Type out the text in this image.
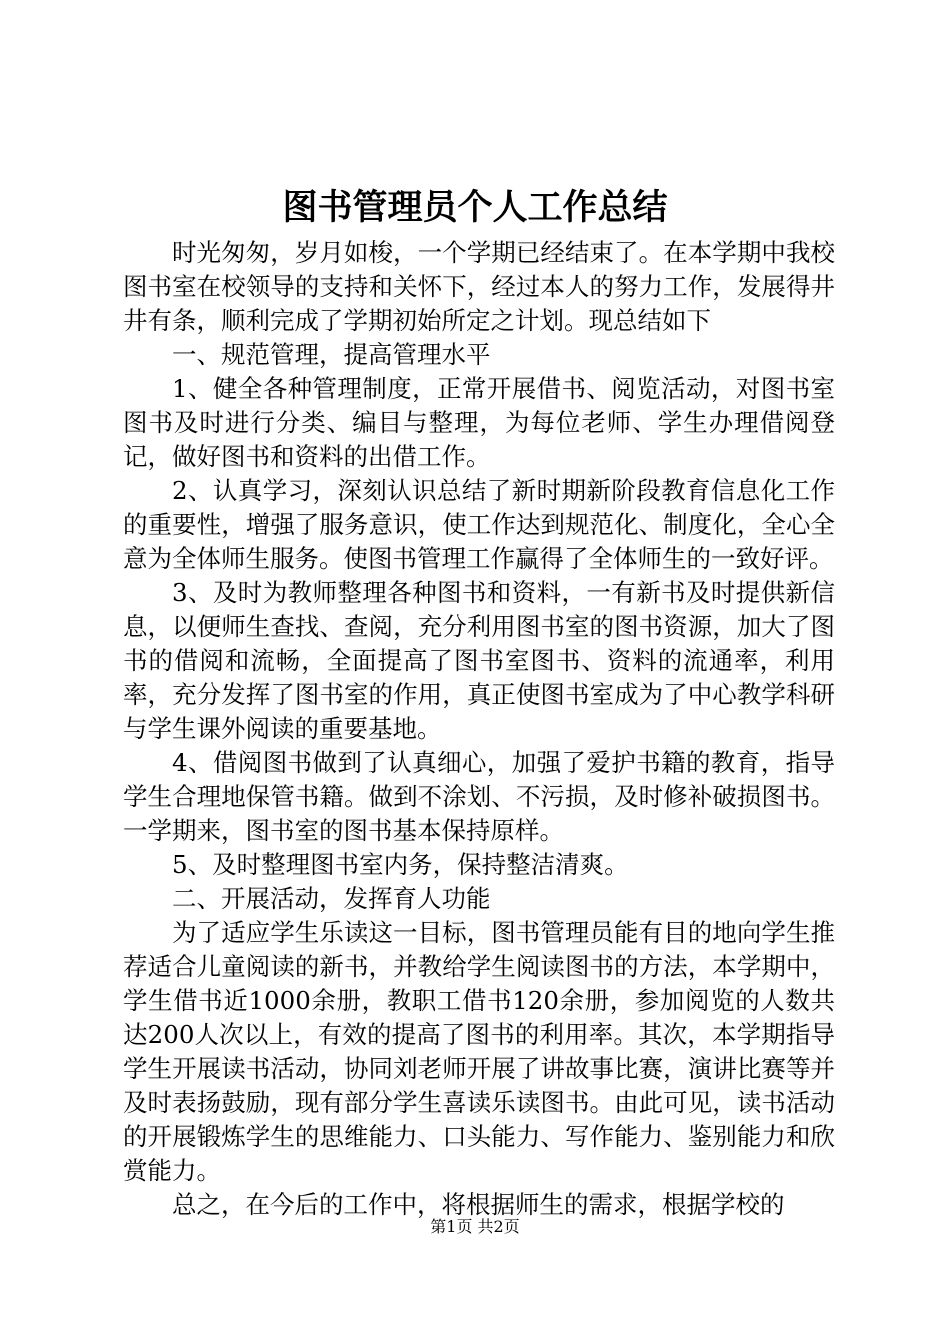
图书管理员个人工作总结

时光匆匆，岁月如梭，一个学期已经结束了。在本学期中我校图书室在校领导的支持和关怀下，经过本人的努力工作，发展得井井有条，顺利完成了学期初始所定之计划。现总结如下

一、规范管理，提高管理水平

1、健全各种管理制度，正常开展借书、阅览活动，对图书室图书及时进行分类、编目与整理，为每位老师、学生办理借阅登记，做好图书和资料的出借工作。

2、认真学习，深刻认识总结了新时期新阶段教育信息化工作的重要性，增强了服务意识，使工作达到规范化、制度化，全心全意为全体师生服务。使图书管理工作赢得了全体师生的一致好评。

3、及时为教师整理各种图书和资料，一有新书及时提供新信息，以便师生查找、查阅，充分利用图书室的图书资源，加大了图书的借阅和流畅，全面提高了图书室图书、资料的流通率，利用率，充分发挥了图书室的作用，真正使图书室成为了中心教学科研与学生课外阅读的重要基地。

4、借阅图书做到了认真细心，加强了爱护书籍的教育，指导学生合理地保管书籍。做到不涂划、不污损，及时修补破损图书。一学期来，图书室的图书基本保持原样。

5、及时整理图书室内务，保持整洁清爽。

二、开展活动，发挥育人功能

为了适应学生乐读这一目标，图书管理员能有目的地向学生推荐适合儿童阅读的新书，并教给学生阅读图书的方法，本学期中，学生借书近1000余册，教职工借书120余册，参加阅览的人数共达200人次以上，有效的提高了图书的利用率。其次，本学期指导学生开展读书活动，协同刘老师开展了讲故事比赛，演讲比赛等并及时表扬鼓励，现有部分学生喜读乐读图书。由此可见，读书活动的开展锻炼学生的思维能力、口头能力、写作能力、鉴别能力和欣赏能力。

总之，在今后的工作中，将根据师生的需求，根据学校的

第1页 共2页
